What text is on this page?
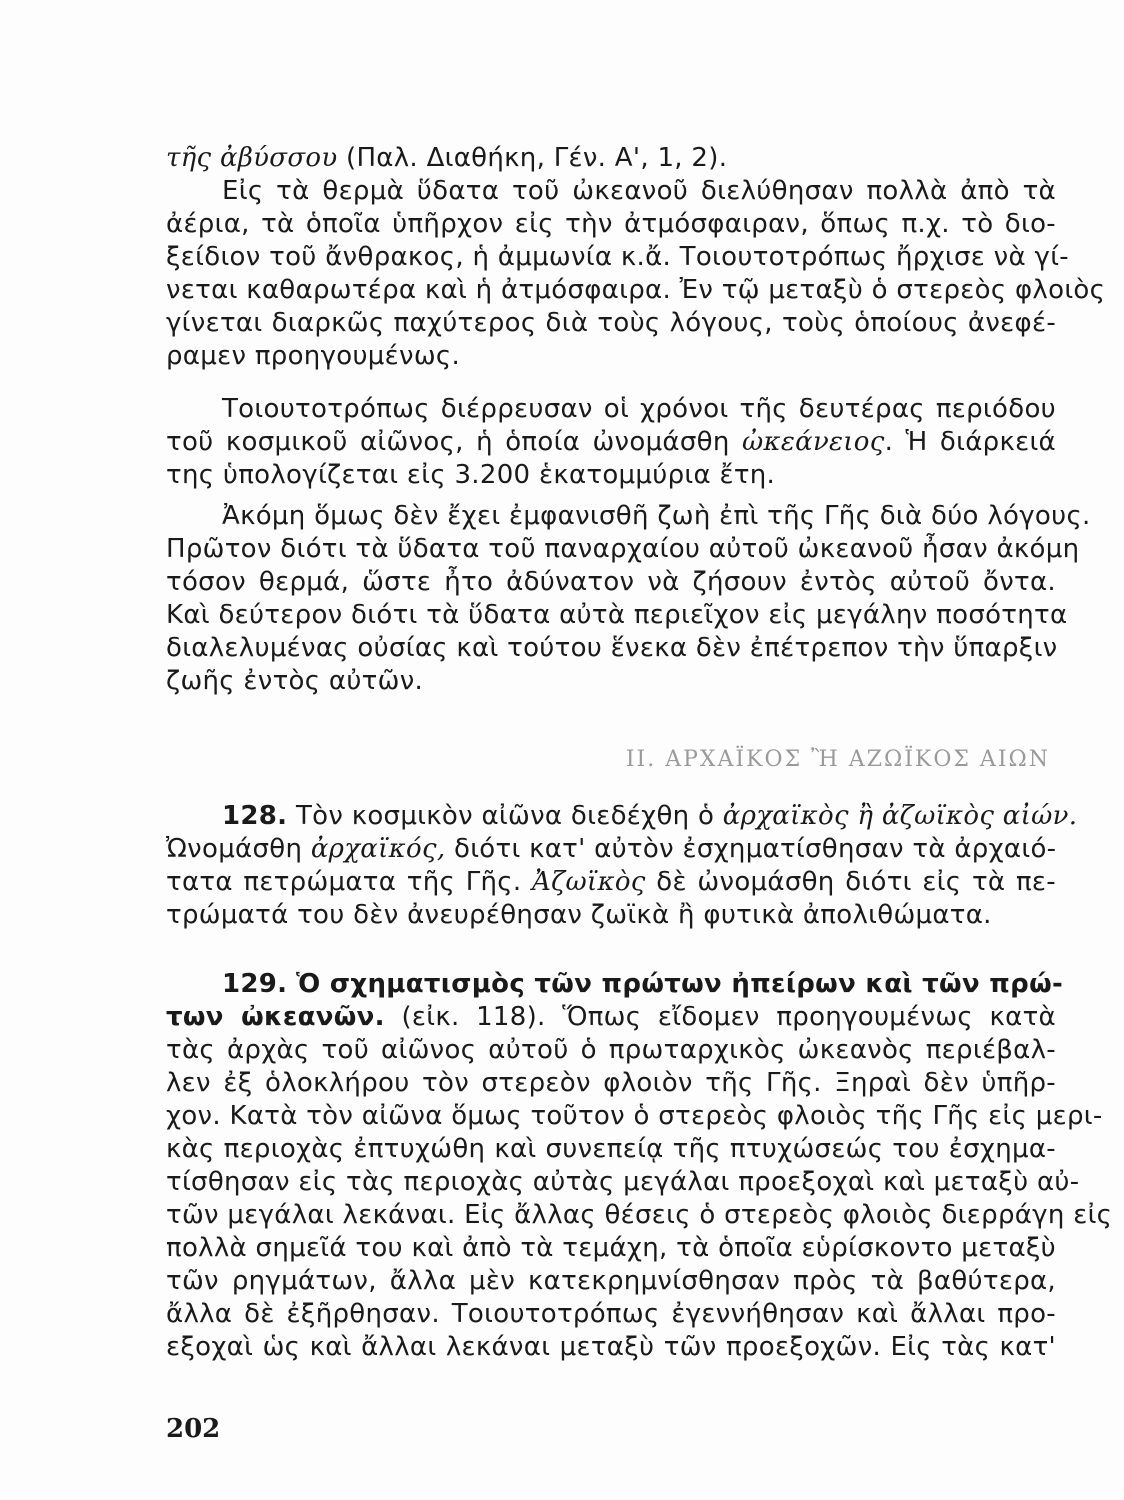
τῆς ἀβύσσου (Παλ. Διαθήκη, Γέν. Α', 1, 2).
Εἰς τὰ θερμὰ ὕδατα τοῦ ὠκεανοῦ διελύθησαν πολλὰ ἀπὸ τὰ
ἀέρια, τὰ ὁποῖα ὑπῆρχον εἰς τὴν ἀτμόσφαιραν, ὅπως π.χ. τὸ διο-
ξείδιον τοῦ ἄνθρακος, ἡ ἀμμωνία κ.ἄ. Τοιουτοτρόπως ἤρχισε νὰ γί-
νεται καθαρωτέρα καὶ ἡ ἀτμόσφαιρα. Ἐν τῷ μεταξὺ ὁ στερεὸς φλοιὸς
γίνεται διαρκῶς παχύτερος διὰ τοὺς λόγους, τοὺς ὁποίους ἀνεφέ-
ραμεν προηγουμένως.
Τοιουτοτρόπως διέρρευσαν οἱ χρόνοι τῆς δευτέρας περιόδου
τοῦ κοσμικοῦ αἰῶνος, ἡ ὁποία ὠνομάσθη ὠκεάνειος. Ἡ διάρκειά
της ὑπολογίζεται εἰς 3.200 ἑκατομμύρια ἔτη.
Ἀκόμη ὅμως δὲν ἔχει ἐμφανισθῆ ζωὴ ἐπὶ τῆς Γῆς διὰ δύο λόγους.
Πρῶτον διότι τὰ ὕδατα τοῦ παναρχαίου αὐτοῦ ὠκεανοῦ ἦσαν ἀκόμη
τόσον θερμά, ὥστε ἦτο ἀδύνατον νὰ ζήσουν ἐντὸς αὐτοῦ ὄντα.
Καὶ δεύτερον διότι τὰ ὕδατα αὐτὰ περιεῖχον εἰς μεγάλην ποσότητα
διαλελυμένας οὐσίας καὶ τούτου ἕνεκα δὲν ἐπέτρεπον τὴν ὕπαρξιν
ζωῆς ἐντὸς αὐτῶν.
ΙΙ. ΑΡΧΑΪΚΟΣ Ἢ ΑΖΩΪΚΟΣ ΑΙΩΝ
128. Τὸν κοσμικὸν αἰῶνα διεδέχθη ὁ ἀρχαϊκὸς ἢ ἀζωϊκὸς αἰών.
Ὠνομάσθη ἀρχαϊκός, διότι κατ' αὐτὸν ἐσχηματίσθησαν τὰ ἀρχαιό-
τατα πετρώματα τῆς Γῆς. Ἀζωϊκὸς δὲ ὠνομάσθη διότι εἰς τὰ πε-
τρώματά του δὲν ἀνευρέθησαν ζωϊκὰ ἢ φυτικὰ ἀπολιθώματα.
129. Ὁ σχηματισμὸς τῶν πρώτων ἠπείρων καὶ τῶν πρώ-
των ὠκεανῶν. (εἰκ. 118). Ὅπως εἴδομεν προηγουμένως κατὰ
τὰς ἀρχὰς τοῦ αἰῶνος αὐτοῦ ὁ πρωταρχικὸς ὠκεανὸς περιέβαλ-
λεν ἐξ ὁλοκλήρου τὸν στερεὸν φλοιὸν τῆς Γῆς. Ξηραὶ δὲν ὑπῆρ-
χον. Κατὰ τὸν αἰῶνα ὅμως τοῦτον ὁ στερεὸς φλοιὸς τῆς Γῆς εἰς μερι-
κὰς περιοχὰς ἐπτυχώθη καὶ συνεπείᾳ τῆς πτυχώσεώς του ἐσχημα-
τίσθησαν εἰς τὰς περιοχὰς αὐτὰς μεγάλαι προεξοχαὶ καὶ μεταξὺ αὐ-
τῶν μεγάλαι λεκάναι. Εἰς ἄλλας θέσεις ὁ στερεὸς φλοιὸς διερράγη εἰς
πολλὰ σημεῖά του καὶ ἀπὸ τὰ τεμάχη, τὰ ὁποῖα εὑρίσκοντο μεταξὺ
τῶν ρηγμάτων, ἄλλα μὲν κατεκρημνίσθησαν πρὸς τὰ βαθύτερα,
ἄλλα δὲ ἐξῆρθησαν. Τοιουτοτρόπως ἐγεννήθησαν καὶ ἄλλαι προ-
εξοχαὶ ὡς καὶ ἄλλαι λεκάναι μεταξὺ τῶν προεξοχῶν. Εἰς τὰς κατ'
202
